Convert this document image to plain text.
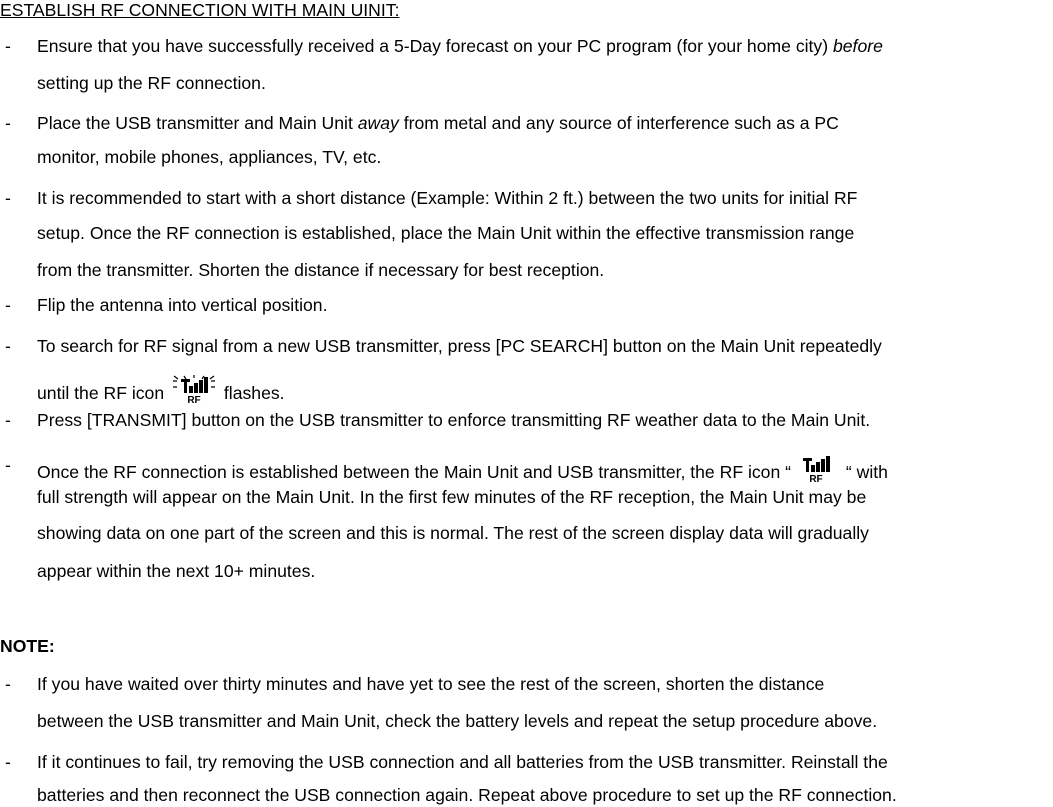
ESTABLISH RF CONNECTION WITH MAIN UINIT:
- Ensure that you have successfully received a 5-Day forecast on your PC program (for your home city) before
setting up the RF connection.
- Place the USB transmitter and Main Unit away from metal and any source of interference such as a PC
monitor, mobile phones, appliances, TV, etc.
- It is recommended to start with a short distance (Example: Within 2 ft.) between the two units for initial RF
setup. Once the RF connection is established, place the Main Unit within the effective transmission range
from the transmitter. Shorten the distance if necessary for best reception.
- Flip the antenna into vertical position.
- To search for RF signal from a new USB transmitter, press [PC SEARCH] button on the Main Unit repeatedly
until the RF icon RF flashes.
- Press [TRANSMIT] button on the USB transmitter to enforce transmitting RF weather data to the Main Unit.
- Once the RF connection is established between the Main Unit and USB transmitter, the RF icon “ RF “ with
full strength will appear on the Main Unit. In the first few minutes of the RF reception, the Main Unit may be
showing data on one part of the screen and this is normal. The rest of the screen display data will gradually
appear within the next 10+ minutes.
NOTE:
- If you have waited over thirty minutes and have yet to see the rest of the screen, shorten the distance
between the USB transmitter and Main Unit, check the battery levels and repeat the setup procedure above.
- If it continues to fail, try removing the USB connection and all batteries from the USB transmitter. Reinstall the
batteries and then reconnect the USB connection again. Repeat above procedure to set up the RF connection.
